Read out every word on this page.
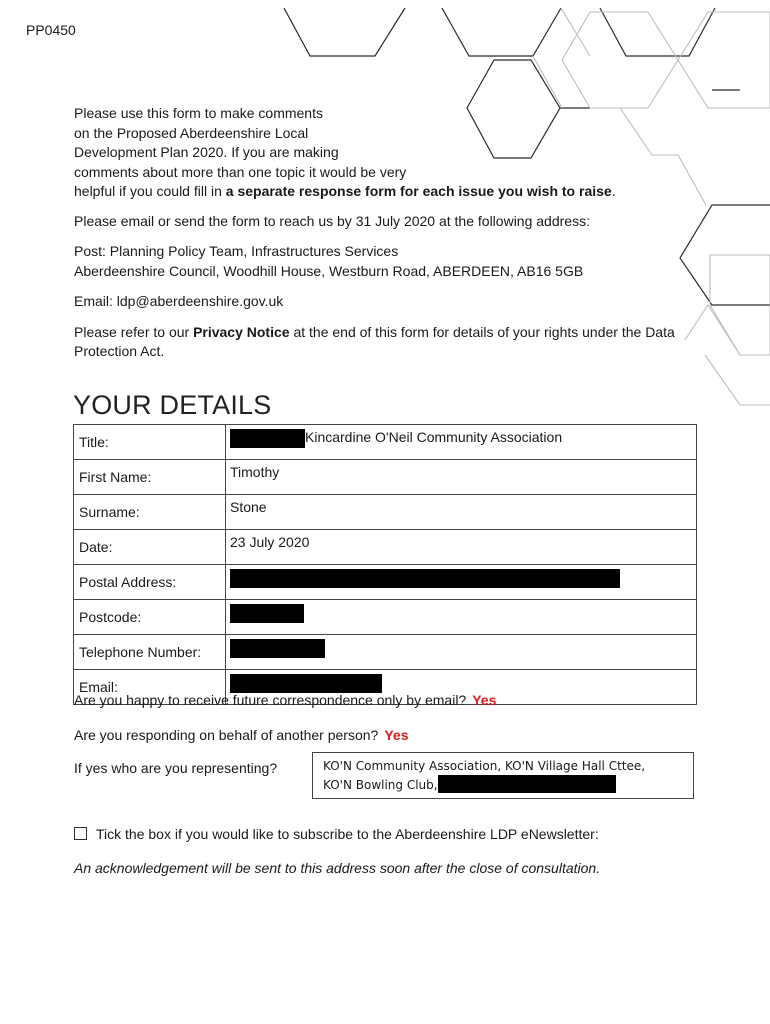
PP0450

Please use this form to make comments
on the Proposed Aberdeenshire Local
Development Plan 2020. If you are making
comments about more than one topic it would be very
helpful if you could fill in a separate response form for each issue you wish to raise.

Please email or send the form to reach us by 31 July 2020 at the following address:

Post: Planning Policy Team, Infrastructures Services
Aberdeenshire Council, Woodhill House, Westburn Road, ABERDEEN, AB16 5GB

Email: ldp@aberdeenshire.gov.uk

Please refer to our Privacy Notice at the end of this form for details of your rights under the Data Protection Act.

YOUR DETAILS
Title:	Kincardine O'Neil Community Association
First Name:	Timothy
Surname:	Stone
Date:	23 July 2020
Postal Address:	
Postcode:	
Telephone Number:	
Email:	
Are you happy to receive future correspondence only by email? Yes
Are you responding on behalf of another person? Yes
If yes who are you representing?	KO'N Community Association, KO'N Village Hall Cttee,
KO'N Bowling Club,
Tick the box if you would like to subscribe to the Aberdeenshire LDP eNewsletter:
An acknowledgement will be sent to this address soon after the close of consultation.
